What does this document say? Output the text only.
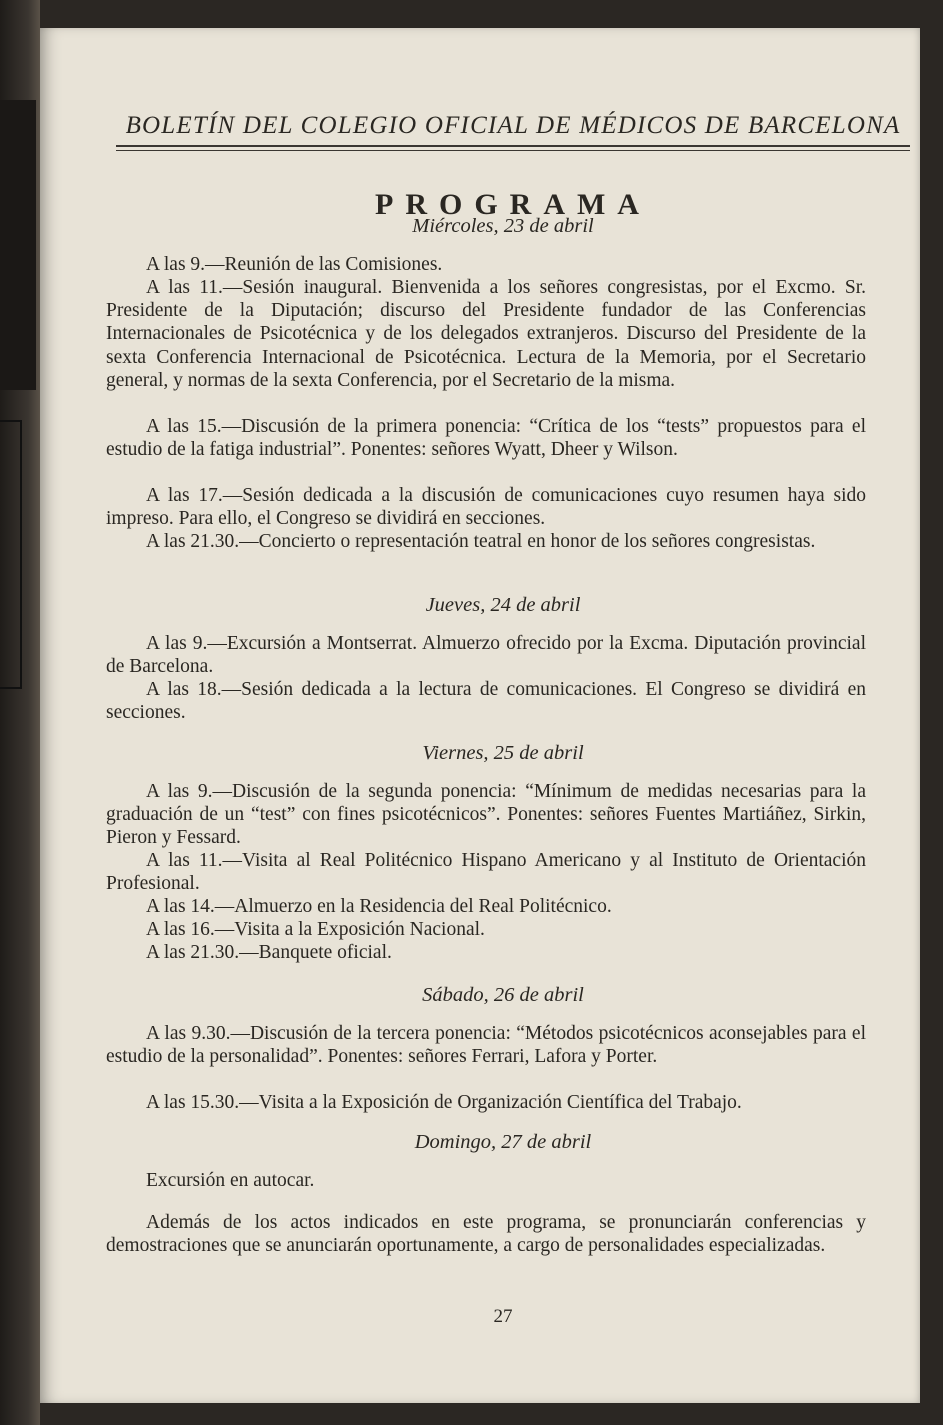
BOLETÍN DEL COLEGIO OFICIAL DE MÉDICOS DE BARCELONA
PROGRAMA
Miércoles, 23 de abril
A las 9.—Reunión de las Comisiones.
A las 11.—Sesión inaugural. Bienvenida a los señores congresistas, por el Excmo. Sr. Presidente de la Diputación; discurso del Presidente fundador de las Conferencias Internacionales de Psicotécnica y de los delegados extranjeros. Discurso del Presidente de la sexta Conferencia Internacional de Psicotécnica. Lectura de la Memoria, por el Secretario general, y normas de la sexta Conferencia, por el Secretario de la misma.
A las 15.—Discusión de la primera ponencia: “Crítica de los “tests” propuestos para el estudio de la fatiga industrial”. Ponentes: señores Wyatt, Dheer y Wilson.
A las 17.—Sesión dedicada a la discusión de comunicaciones cuyo resumen haya sido impreso. Para ello, el Congreso se dividirá en secciones.
A las 21.30.—Concierto o representación teatral en honor de los señores congresistas.
Jueves, 24 de abril
A las 9.—Excursión a Montserrat. Almuerzo ofrecido por la Excma. Diputación provincial de Barcelona.
A las 18.—Sesión dedicada a la lectura de comunicaciones. El Congreso se dividirá en secciones.
Viernes, 25 de abril
A las 9.—Discusión de la segunda ponencia: “Mínimum de medidas necesarias para la graduación de un “test” con fines psicotécnicos”. Ponentes: señores Fuentes Martiáñez, Sirkin, Pieron y Fessard.
A las 11.—Visita al Real Politécnico Hispano Americano y al Instituto de Orientación Profesional.
A las 14.—Almuerzo en la Residencia del Real Politécnico.
A las 16.—Visita a la Exposición Nacional.
A las 21.30.—Banquete oficial.
Sábado, 26 de abril
A las 9.30.—Discusión de la tercera ponencia: “Métodos psicotécnicos aconsejables para el estudio de la personalidad”. Ponentes: señores Ferrari, Lafora y Porter.
A las 15.30.—Visita a la Exposición de Organización Científica del Trabajo.
Domingo, 27 de abril
Excursión en autocar.
Además de los actos indicados en este programa, se pronunciarán conferencias y demostraciones que se anunciarán oportunamente, a cargo de personalidades especializadas.
27
